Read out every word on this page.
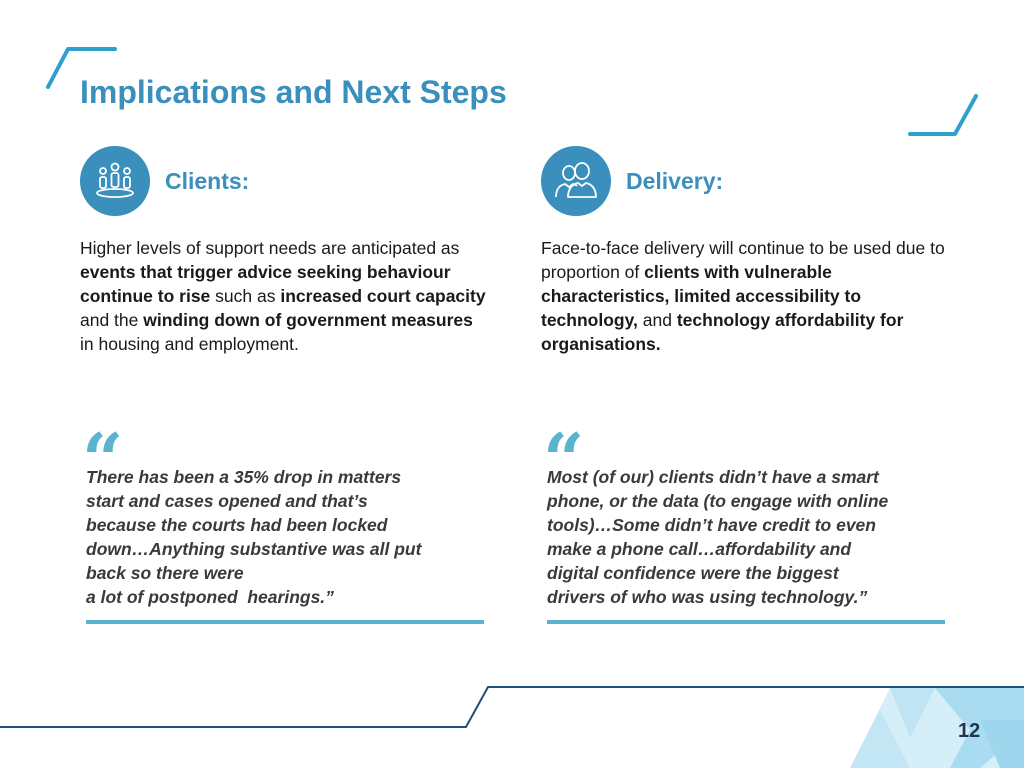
Implications and Next Steps
Clients:
Higher levels of support needs are anticipated as events that trigger advice seeking behaviour continue to rise such as increased court capacity and the winding down of government measures in housing and employment.
“
There has been a 35% drop in matters
start and cases opened and that’s
because the courts had been locked
down…Anything substantive was all put
back so there were
a lot of postponed  hearings.”
Delivery:
Face-to-face delivery will continue to be used due to proportion of clients with vulnerable characteristics, limited accessibility to technology, and technology affordability for organisations.
“
Most (of our) clients didn’t have a smart
phone, or the data (to engage with online
tools)…Some didn’t have credit to even
make a phone call…affordability and
digital confidence were the biggest
drivers of who was using technology.”
12
